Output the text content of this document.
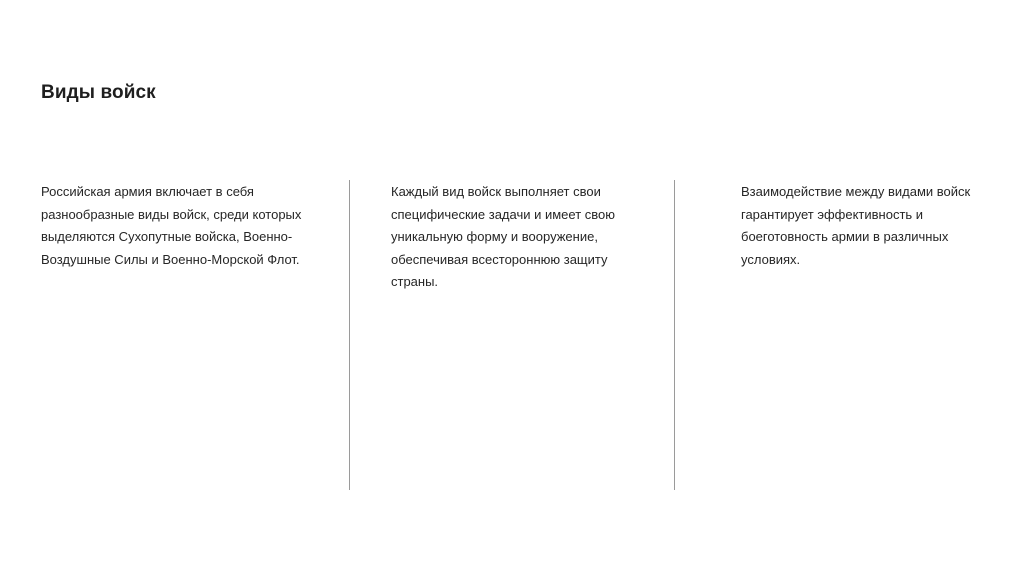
Виды войск

Российская армия включает в себя разнообразные виды войск, среди которых выделяются Сухопутные войска, Военно-Воздушные Силы и Военно-Морской Флот.

Каждый вид войск выполняет свои специфические задачи и имеет свою уникальную форму и вооружение, обеспечивая всестороннюю защиту страны.

Взаимодействие между видами войск гарантирует эффективность и боеготовность армии в различных условиях.
